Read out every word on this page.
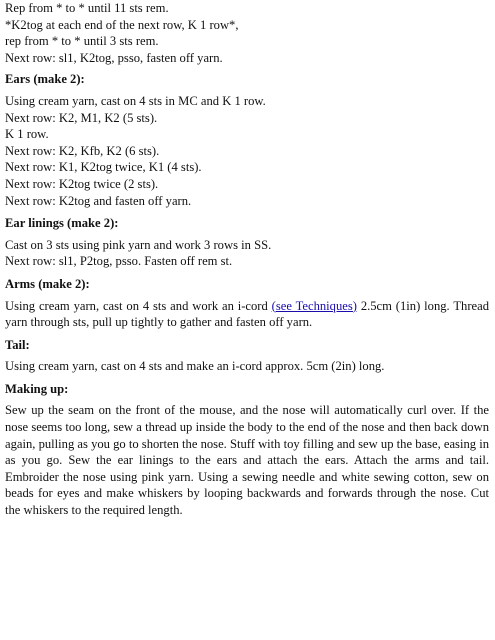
Rep from * to * until 11 sts rem.
*K2tog at each end of the next row, K 1 row*,
rep from * to * until 3 sts rem.
Next row: sl1, K2tog, psso, fasten off yarn.
Ears (make 2):
Using cream yarn, cast on 4 sts in MC and K 1 row.
Next row: K2, M1, K2 (5 sts).
K 1 row.
Next row: K2, Kfb, K2 (6 sts).
Next row: K1, K2tog twice, K1 (4 sts).
Next row: K2tog twice (2 sts).
Next row: K2tog and fasten off yarn.
Ear linings (make 2):
Cast on 3 sts using pink yarn and work 3 rows in SS.
Next row: sl1, P2tog, psso. Fasten off rem st.
Arms (make 2):
Using cream yarn, cast on 4 sts and work an i-cord (see Techniques) 2.5cm (1in) long. Thread yarn through sts, pull up tightly to gather and fasten off yarn.
Tail:
Using cream yarn, cast on 4 sts and make an i-cord approx. 5cm (2in) long.
Making up:
Sew up the seam on the front of the mouse, and the nose will automatically curl over. If the nose seems too long, sew a thread up inside the body to the end of the nose and then back down again, pulling as you go to shorten the nose. Stuff with toy filling and sew up the base, easing in as you go. Sew the ear linings to the ears and attach the ears. Attach the arms and tail. Embroider the nose using pink yarn. Using a sewing needle and white sewing cotton, sew on beads for eyes and make whiskers by looping backwards and forwards through the nose. Cut the whiskers to the required length.
